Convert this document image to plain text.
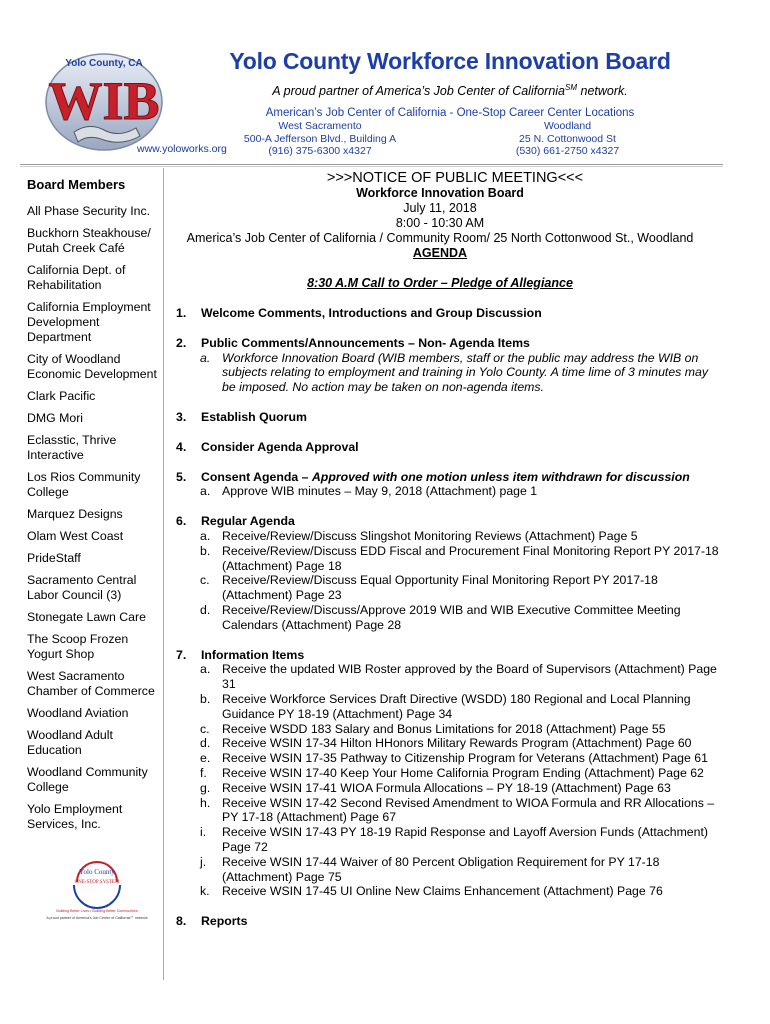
Yolo County, CA
WIB
www.yoloworks.org
Yolo County Workforce Innovation Board
A proud partner of America’s Job Center of California℠ network.
American’s Job Center of California - One-Stop Career Center Locations
West Sacramento
500-A Jefferson Blvd., Building A
(916) 375-6300 x4327
Woodland
25 N. Cottonwood St
(530) 661-2750 x4327
Board Members
All Phase Security Inc.
Buckhorn Steakhouse/ Putah Creek Café
California Dept. of Rehabilitation
California Employment Development Department
City of Woodland Economic Development
Clark Pacific
DMG Mori
Eclasstic, Thrive Interactive
Los Rios Community College
Marquez Designs
Olam West Coast
PrideStaff
Sacramento Central Labor Council (3)
Stonegate Lawn Care
The Scoop Frozen Yogurt Shop
West Sacramento Chamber of Commerce
Woodland Aviation
Woodland Adult Education
Woodland Community College
Yolo Employment Services, Inc.
Yolo County
ONE-STOP SYSTEM
Building Better Lives • Building Better Communities
A proud partner of America’s Job Center of California℠ network
>>>NOTICE OF PUBLIC MEETING<<<
Workforce Innovation Board
July 11, 2018
8:00 - 10:30 AM
America’s Job Center of California / Community Room/ 25 North Cottonwood St., Woodland
AGENDA
8:30 A.M Call to Order – Pledge of Allegiance
1. Welcome Comments, Introductions and Group Discussion
2. Public Comments/Announcements – Non- Agenda Items
a. Workforce Innovation Board (WIB members, staff or the public may address the WIB on subjects relating to employment and training in Yolo County. A time lime of 3 minutes may be imposed. No action may be taken on non-agenda items.
3. Establish Quorum
4. Consider Agenda Approval
5. Consent Agenda – Approved with one motion unless item withdrawn for discussion
a. Approve WIB minutes – May 9, 2018 (Attachment) page 1
6. Regular Agenda
a. Receive/Review/Discuss Slingshot Monitoring Reviews (Attachment) Page 5
b. Receive/Review/Discuss EDD Fiscal and Procurement Final Monitoring Report PY 2017-18 (Attachment) Page 18
c. Receive/Review/Discuss Equal Opportunity Final Monitoring Report PY 2017-18 (Attachment) Page 23
d. Receive/Review/Discuss/Approve 2019 WIB and WIB Executive Committee Meeting Calendars (Attachment) Page 28
7. Information Items
a. Receive the updated WIB Roster approved by the Board of Supervisors (Attachment) Page 31
b. Receive Workforce Services Draft Directive (WSDD) 180 Regional and Local Planning Guidance PY 18-19 (Attachment) Page 34
c. Receive WSDD 183 Salary and Bonus Limitations for 2018 (Attachment) Page 55
d. Receive WSIN 17-34 Hilton HHonors Military Rewards Program (Attachment) Page 60
e. Receive WSIN 17-35 Pathway to Citizenship Program for Veterans (Attachment) Page 61
f. Receive WSIN 17-40 Keep Your Home California Program Ending (Attachment) Page 62
g. Receive WSIN 17-41 WIOA Formula Allocations – PY 18-19 (Attachment) Page 63
h. Receive WSIN 17-42 Second Revised Amendment to WIOA Formula and RR Allocations – PY 17-18 (Attachment) Page 67
i. Receive WSIN 17-43 PY 18-19 Rapid Response and Layoff Aversion Funds (Attachment) Page 72
j. Receive WSIN 17-44 Waiver of 80 Percent Obligation Requirement for PY 17-18 (Attachment) Page 75
k. Receive WSIN 17-45 UI Online New Claims Enhancement (Attachment) Page 76
8. Reports
